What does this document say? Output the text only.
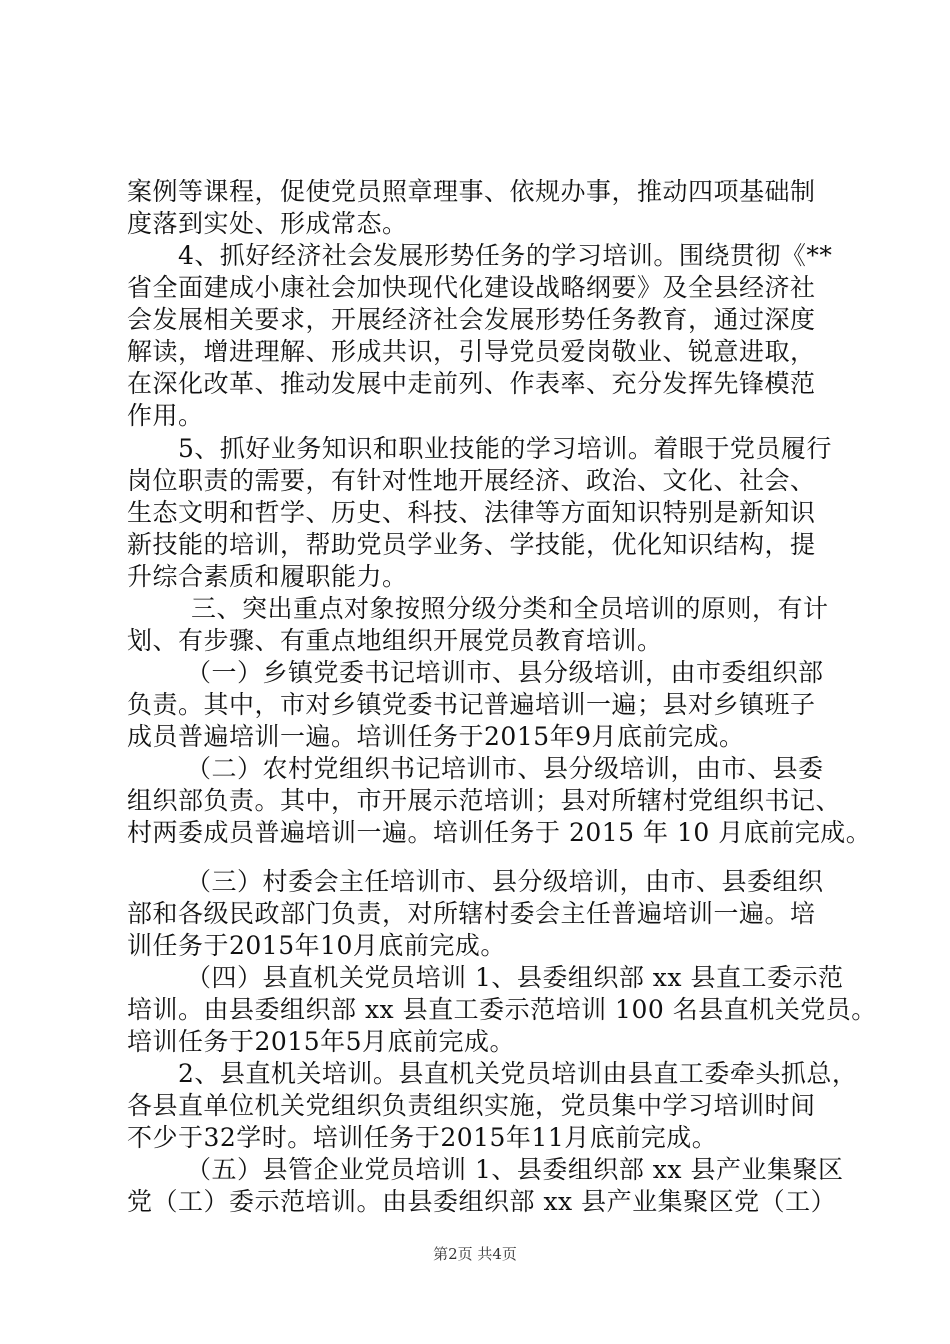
案例等课程，促使党员照章理事、依规办事，推动四项基础制
度落到实处、形成常态。
4、抓好经济社会发展形势任务的学习培训。围绕贯彻《**
省全面建成小康社会加快现代化建设战略纲要》及全县经济社
会发展相关要求，开展经济社会发展形势任务教育，通过深度
解读，增进理解、形成共识，引导党员爱岗敬业、锐意进取，
在深化改革、推动发展中走前列、作表率、充分发挥先锋模范
作用。
5、抓好业务知识和职业技能的学习培训。着眼于党员履行
岗位职责的需要，有针对性地开展经济、政治、文化、社会、
生态文明和哲学、历史、科技、法律等方面知识特别是新知识
新技能的培训，帮助党员学业务、学技能，优化知识结构，提
升综合素质和履职能力。
三、突出重点对象按照分级分类和全员培训的原则，有计
划、有步骤、有重点地组织开展党员教育培训。
（一）乡镇党委书记培训市、县分级培训，由市委组织部
负责。其中，市对乡镇党委书记普遍培训一遍；县对乡镇班子
成员普遍培训一遍。培训任务于2015年9月底前完成。
（二）农村党组织书记培训市、县分级培训，由市、县委
组织部负责。其中，市开展示范培训；县对所辖村党组织书记、
村两委成员普遍培训一遍。培训任务于 2015 年 10 月底前完成。
（三）村委会主任培训市、县分级培训，由市、县委组织
部和各级民政部门负责，对所辖村委会主任普遍培训一遍。培
训任务于2015年10月底前完成。
（四）县直机关党员培训 1、县委组织部 xx 县直工委示范
培训。由县委组织部 xx 县直工委示范培训 100 名县直机关党员。
培训任务于2015年5月底前完成。
2、县直机关培训。县直机关党员培训由县直工委牵头抓总，
各县直单位机关党组织负责组织实施，党员集中学习培训时间
不少于32学时。培训任务于2015年11月底前完成。
（五）县管企业党员培训 1、县委组织部 xx 县产业集聚区
党（工）委示范培训。由县委组织部 xx 县产业集聚区党（工）
第2页 共4页
